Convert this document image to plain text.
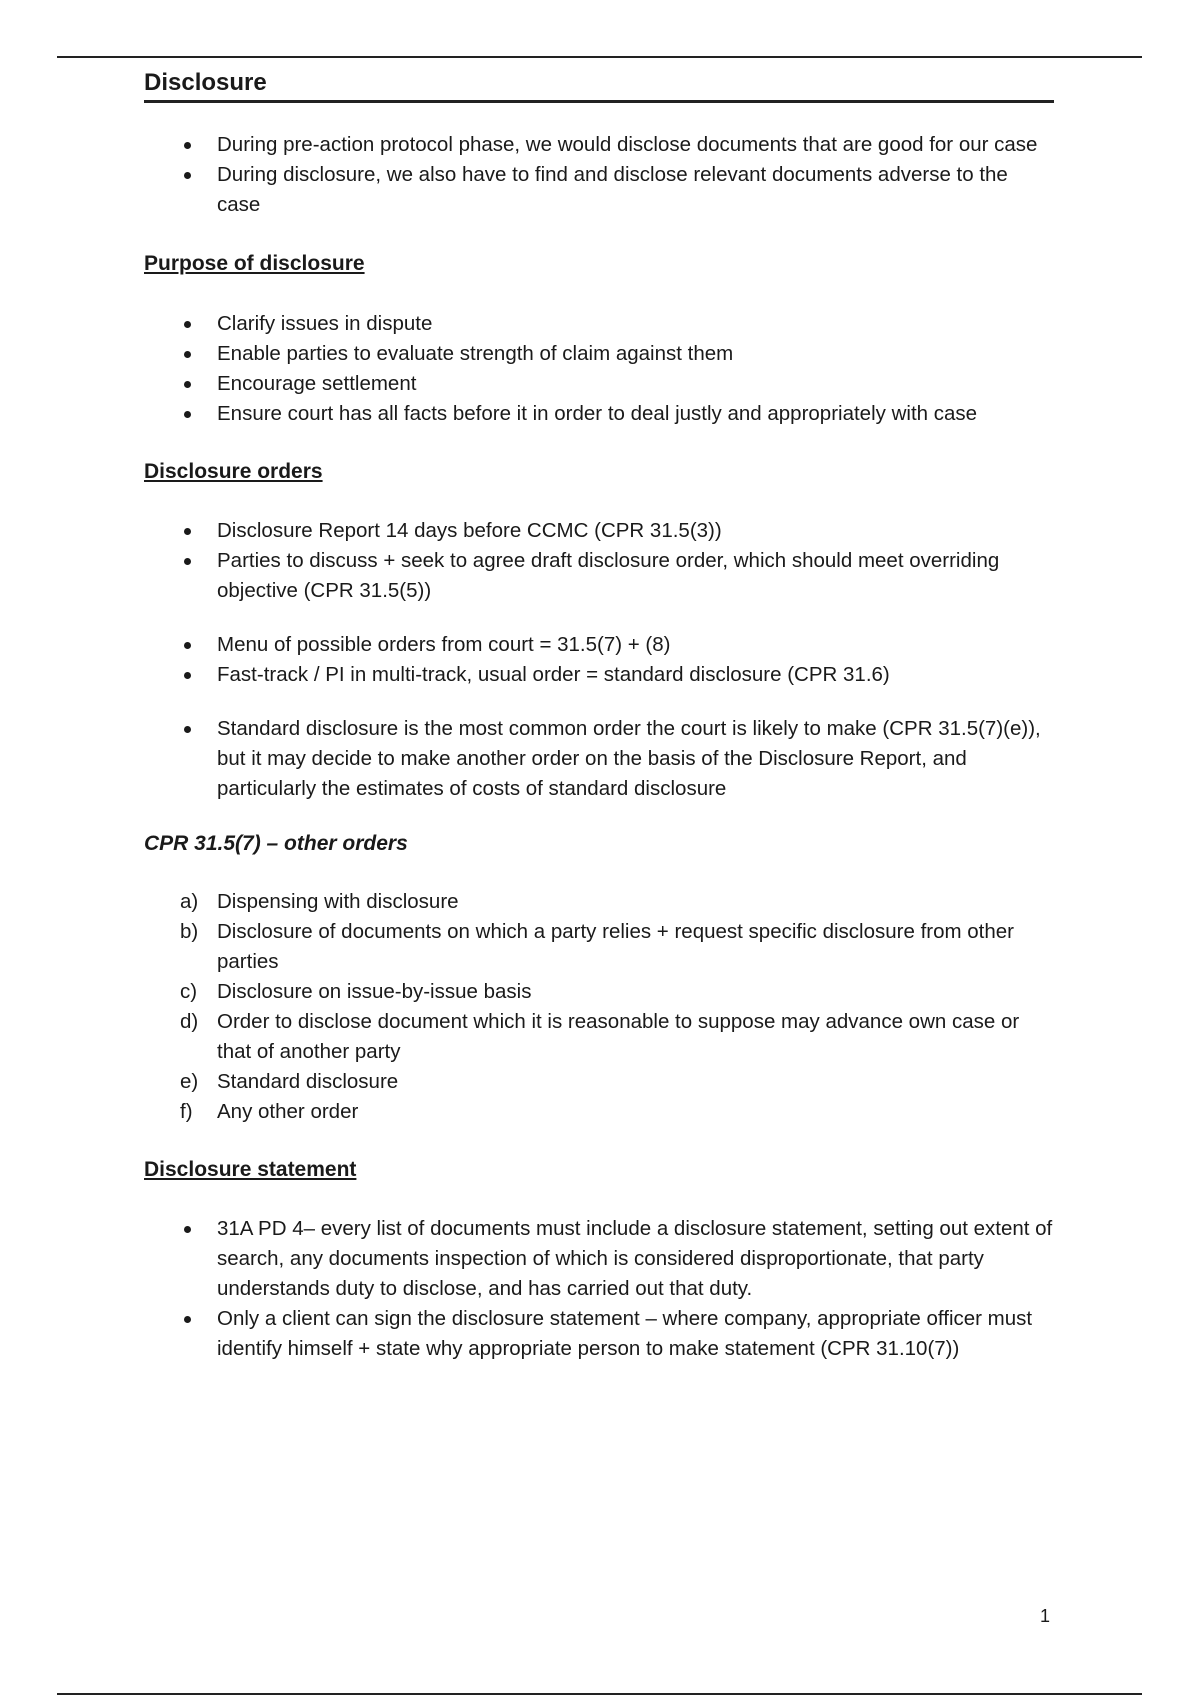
Disclosure
During pre-action protocol phase, we would disclose documents that are good for our case
During disclosure, we also have to find and disclose relevant documents adverse to the case
Purpose of disclosure
Clarify issues in dispute
Enable parties to evaluate strength of claim against them
Encourage settlement
Ensure court has all facts before it in order to deal justly and appropriately with case
Disclosure orders
Disclosure Report 14 days before CCMC (CPR 31.5(3))
Parties to discuss + seek to agree draft disclosure order, which should meet overriding objective (CPR 31.5(5))
Menu of possible orders from court = 31.5(7) + (8)
Fast-track / PI in multi-track, usual order = standard disclosure (CPR 31.6)
Standard disclosure is the most common order the court is likely to make (CPR 31.5(7)(e)), but it may decide to make another order on the basis of the Disclosure Report, and particularly the estimates of costs of standard disclosure
CPR 31.5(7) – other orders
a) Dispensing with disclosure
b) Disclosure of documents on which a party relies + request specific disclosure from other parties
c) Disclosure on issue-by-issue basis
d) Order to disclose document which it is reasonable to suppose may advance own case or that of another party
e) Standard disclosure
f) Any other order
Disclosure statement
31A PD 4– every list of documents must include a disclosure statement, setting out extent of search, any documents inspection of which is considered disproportionate, that party understands duty to disclose, and has carried out that duty.
Only a client can sign the disclosure statement – where company, appropriate officer must identify himself + state why appropriate person to make statement (CPR 31.10(7))
1
